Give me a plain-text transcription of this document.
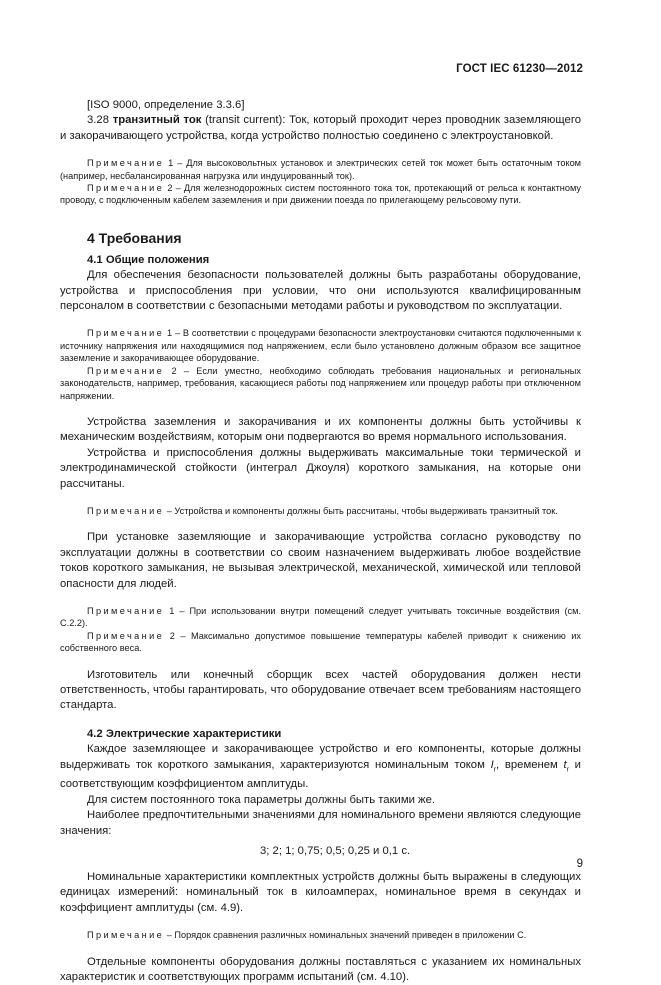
ГОСТ IEC 61230—2012

[ISO 9000, определение 3.3.6]

3.28 транзитный ток (transit current): Ток, который проходит через проводник заземляющего и закорачивающего устройства, когда устройство полностью соединено с электроустановкой.

Примечание 1 – Для высоковольтных установок и электрических сетей ток может быть остаточным током (например, несбалансированная нагрузка или индуцированный ток).

Примечание 2 – Для железнодорожных систем постоянного тока ток, протекающий от рельса к контактному проводу, с подключенным кабелем заземления и при движении поезда по прилегающему рельсовому пути.

4 Требования

4.1 Общие положения

Для обеспечения безопасности пользователей должны быть разработаны оборудование, устройства и приспособления при условии, что они используются квалифицированным персоналом в соответствии с безопасными методами работы и руководством по эксплуатации.

Примечание 1 – В соответствии с процедурами безопасности электроустановки считаются подключенными к источнику напряжения или находящимися под напряжением, если было установлено должным образом все защитное заземление и закорачивающее оборудование.

Примечание 2 – Если уместно, необходимо соблюдать требования национальных и региональных законодательств, например, требования, касающиеся работы под напряжением или процедур работы при отключенном напряжении.

Устройства заземления и закорачивания и их компоненты должны быть устойчивы к механическим воздействиям, которым они подвергаются во время нормального использования.

Устройства и приспособления должны выдерживать максимальные токи термической и электродинамической стойкости (интеграл Джоуля) короткого замыкания, на которые они рассчитаны.

Примечание – Устройства и компоненты должны быть рассчитаны, чтобы выдерживать транзитный ток.

При установке заземляющие и закорачивающие устройства согласно руководству по эксплуатации должны в соответствии со своим назначением выдерживать любое воздействие токов короткого замыкания, не вызывая электрической, механической, химической или тепловой опасности для людей.

Примечание 1 – При использовании внутри помещений следует учитывать токсичные воздействия (см. С.2.2).

Примечание 2 – Максимально допустимое повышение температуры кабелей приводит к снижению их собственного веса.

Изготовитель или конечный сборщик всех частей оборудования должен нести ответственность, чтобы гарантировать, что оборудование отвечает всем требованиям настоящего стандарта.

4.2 Электрические характеристики

Каждое заземляющее и закорачивающее устройство и его компоненты, которые должны выдерживать ток короткого замыкания, характеризуются номинальным током $I_r$, временем $t_r$ и соответствующим коэффициентом амплитуды.

Для систем постоянного тока параметры должны быть такими же.

Наиболее предпочтительными значениями для номинального времени являются следующие значения:

3; 2; 1; 0,75; 0,5; 0,25 и 0,1 с.

Номинальные характеристики комплектных устройств должны быть выражены в следующих единицах измерений: номинальный ток в килоамперах, номинальное время в секундах и коэффициент амплитуды (см. 4.9).

Примечание – Порядок сравнения различных номинальных значений приведен в приложении С.

Отдельные компоненты оборудования должны поставляться с указанием их номинальных характеристик и соответствующих программ испытаний (см. 4.10).

9
